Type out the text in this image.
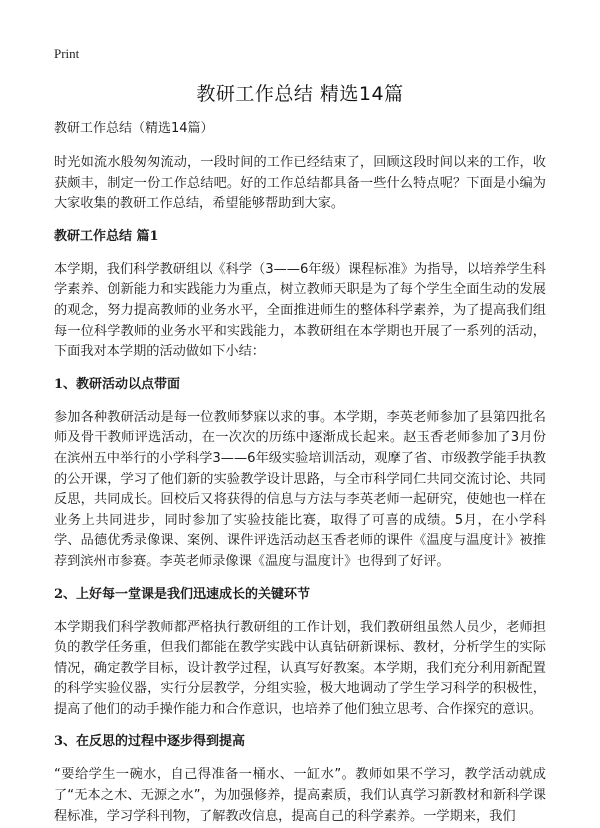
Print
教研工作总结 精选14篇

教研工作总结（精选14篇）

时光如流水般匆匆流动，一段时间的工作已经结束了，回顾这段时间以来的工作，收获颇丰，制定一份工作总结吧。好的工作总结都具备一些什么特点呢？下面是小编为大家收集的教研工作总结，希望能够帮助到大家。

教研工作总结 篇1

本学期，我们科学教研组以《科学（3——6年级）课程标准》为指导，以培养学生科学素养、创新能力和实践能力为重点，树立教师天职是为了每个学生全面生动的发展的观念，努力提高教师的业务水平，全面推进师生的整体科学素养，为了提高我们组每一位科学教师的业务水平和实践能力，本教研组在本学期也开展了一系列的活动，下面我对本学期的活动做如下小结：

1、教研活动以点带面

参加各种教研活动是每一位教师梦寐以求的事。本学期，李英老师参加了县第四批名师及骨干教师评选活动，在一次次的历练中逐渐成长起来。赵玉香老师参加了3月份在滨州五中举行的小学科学3——6年级实验培训活动，观摩了省、市级教学能手执教的公开课，学习了他们新的实验教学设计思路，与全市科学同仁共同交流讨论、共同反思，共同成长。回校后又将获得的信息与方法与李英老师一起研究，使她也一样在业务上共同进步，同时参加了实验技能比赛，取得了可喜的成绩。5月，在小学科学、品德优秀录像课、案例、课件评选活动赵玉香老师的课件《温度与温度计》被推荐到滨州市参赛。李英老师录像课《温度与温度计》也得到了好评。

2、上好每一堂课是我们迅速成长的关键环节

本学期我们科学教师都严格执行教研组的工作计划，我们教研组虽然人员少，老师担负的教学任务重，但我们都能在教学实践中认真钻研新课标、教材，分析学生的实际情况，确定教学目标，设计教学过程，认真写好教案。本学期，我们充分利用新配置的科学实验仪器，实行分层教学，分组实验，极大地调动了学生学习科学的积极性，提高了他们的动手操作能力和合作意识，也培养了他们独立思考、合作探究的意识。

3、在反思的过程中逐步得到提高

“要给学生一碗水，自己得准备一桶水、一缸水”。教师如果不学习，教学活动就成了“无本之木、无源之水”，为加强修养，提高素质，我们认真学习新教材和新科学课程标准，学习学科刊物，了解教改信息，提高自己的科学素养。一学期来，我们
